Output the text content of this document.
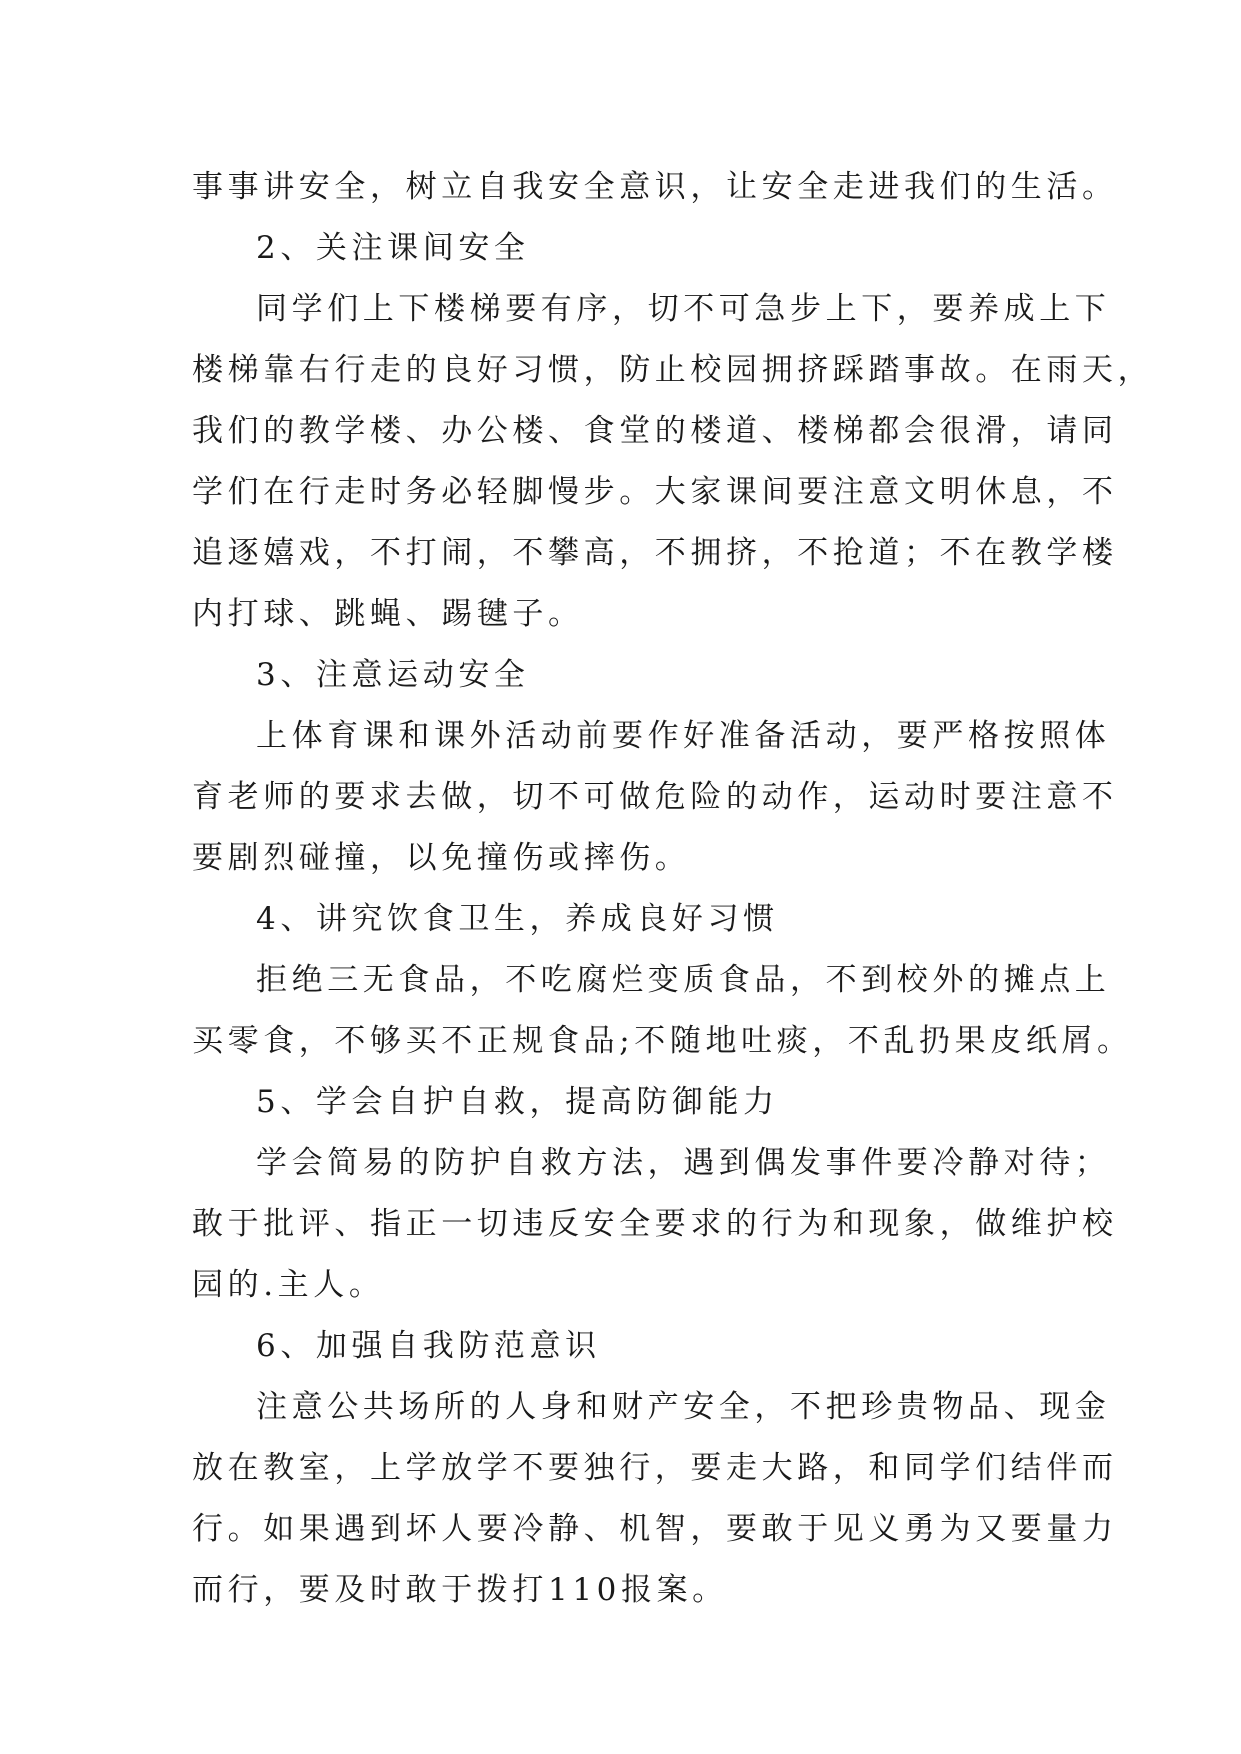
事事讲安全，树立自我安全意识，让安全走进我们的生活。
2、关注课间安全
同学们上下楼梯要有序，切不可急步上下，要养成上下
楼梯靠右行走的良好习惯，防止校园拥挤踩踏事故。在雨天，
我们的教学楼、办公楼、食堂的楼道、楼梯都会很滑，请同
学们在行走时务必轻脚慢步。大家课间要注意文明休息，不
追逐嬉戏，不打闹，不攀高，不拥挤，不抢道；不在教学楼
内打球、跳蝇、踢毽子。
3、注意运动安全
上体育课和课外活动前要作好准备活动，要严格按照体
育老师的要求去做，切不可做危险的动作，运动时要注意不
要剧烈碰撞，以免撞伤或摔伤。
4、讲究饮食卫生，养成良好习惯
拒绝三无食品，不吃腐烂变质食品，不到校外的摊点上
买零食，不够买不正规食品;不随地吐痰，不乱扔果皮纸屑。
5、学会自护自救，提高防御能力
学会简易的防护自救方法，遇到偶发事件要冷静对待；
敢于批评、指正一切违反安全要求的行为和现象，做维护校
园的.主人。
6、加强自我防范意识
注意公共场所的人身和财产安全，不把珍贵物品、现金
放在教室，上学放学不要独行，要走大路，和同学们结伴而
行。如果遇到坏人要冷静、机智，要敢于见义勇为又要量力
而行，要及时敢于拨打110报案。
